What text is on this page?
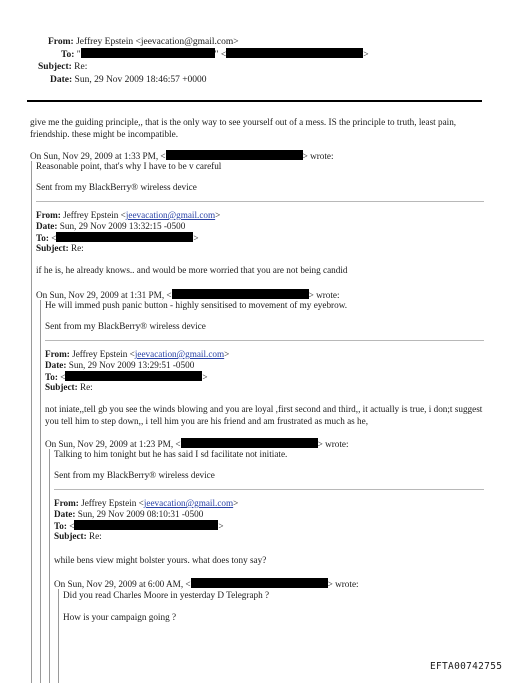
From: Jeffrey Epstein <jeevacation@gmail.com>
To: "	" <	>
Subject: Re:
Date: Sun, 29 Nov 2009 18:46:57 +0000
give me the guiding principle,, that is the only way to see yourself out of a mess. IS the principle to truth, least pain, friendship. these might be incompatible.
On Sun, Nov 29, 2009 at 1:33 PM, <	> wrote:
Reasonable point, that's why I have to be v careful
Sent from my BlackBerry® wireless device
From: Jeffrey Epstein <jeevacation@gmail.com>
Date: Sun, 29 Nov 2009 13:32:15 -0500
To: <	>
Subject: Re:
if he is, he already knows.. and would be more worried that you are not being candid
On Sun, Nov 29, 2009 at 1:31 PM, <	> wrote:
He will immed push panic button - highly sensitised to movement of my eyebrow.
Sent from my BlackBerry® wireless device
From: Jeffrey Epstein <jeevacation@gmail.com>
Date: Sun, 29 Nov 2009 13:29:51 -0500
To: <	>
Subject: Re:
not iniate,,tell gb you see the winds blowing and you are loyal ,first second and third,, it actually is true, i don;t suggest you tell him to step down,, i tell him you are his friend and am frustrated as much as he,
On Sun, Nov 29, 2009 at 1:23 PM, <	> wrote:
Talking to him tonight but he has said I sd facilitate not initiate.
Sent from my BlackBerry® wireless device
From: Jeffrey Epstein <jeevacation@gmail.com>
Date: Sun, 29 Nov 2009 08:10:31 -0500
To: <	>
Subject: Re:
while bens view might bolster yours. what does tony say?
On Sun, Nov 29, 2009 at 6:00 AM, <	> wrote:
Did you read Charles Moore in yesterday D Telegraph ?
How is your campaign going ?
EFTA00742755
